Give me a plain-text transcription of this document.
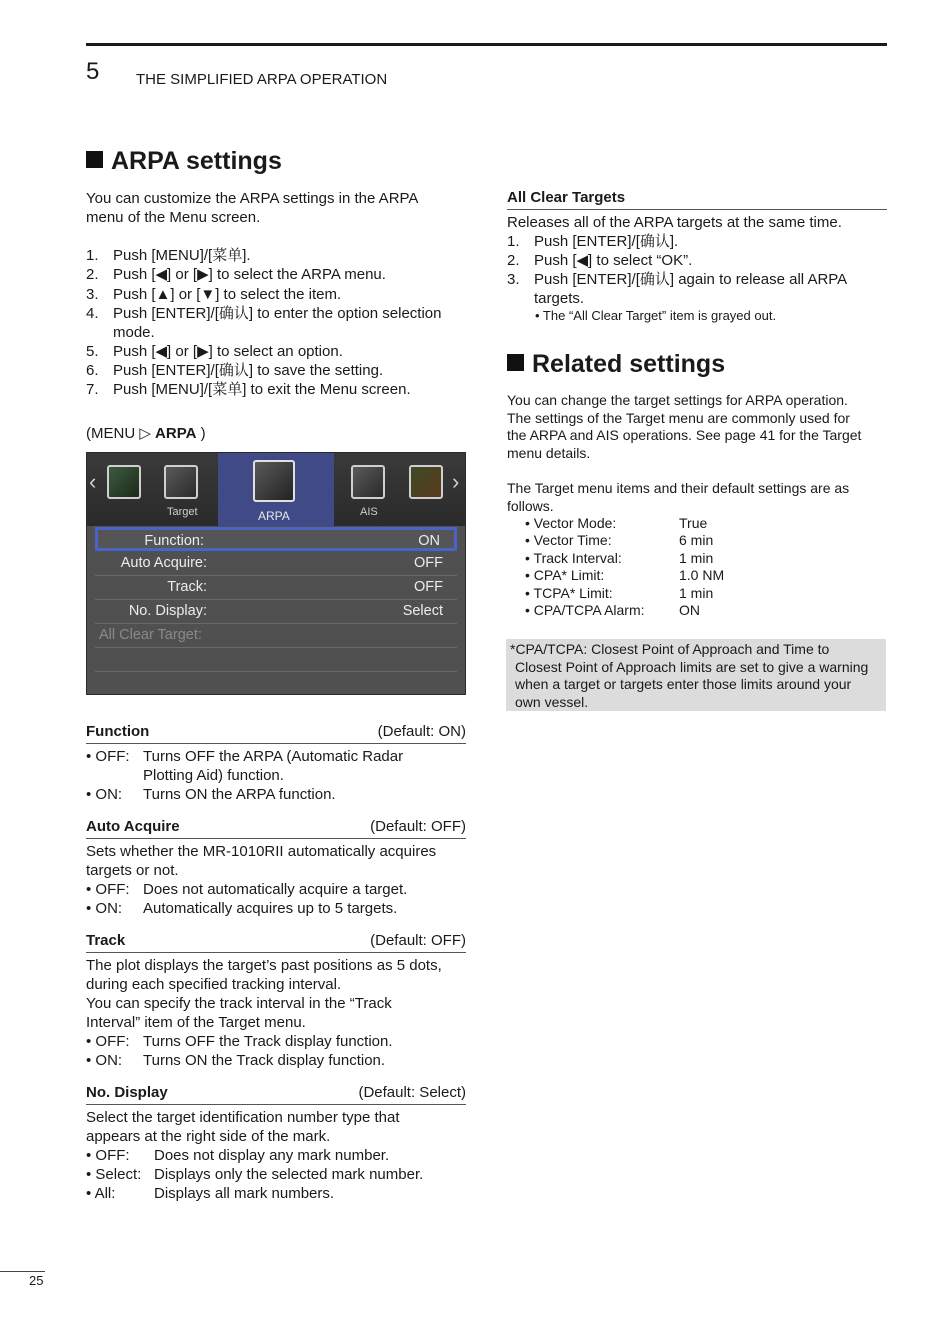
5 THE SIMPLIFIED ARPA OPERATION
ARPA settings
You can customize the ARPA settings in the ARPA
menu of the Menu screen.
1. Push [MENU]/[菜单].
2. Push [◀] or [▶] to select the ARPA menu.
3. Push [▲] or [▼] to select the item.
4. Push [ENTER]/[确认] to enter the option selection
mode.
5. Push [◀] or [▶] to select an option.
6. Push [ENTER]/[确认] to save the setting.
7. Push [MENU]/[菜单] to exit the Menu screen.
(MENU ▷ ARPA )
‹	›
Target	ARPA	AIS
Function:	ON
Auto Acquire:	OFF
Track:	OFF
No. Display:	Select
All Clear Target:
Function	(Default: ON)
• OFF: Turns OFF the ARPA (Automatic Radar
Plotting Aid) function.
• ON: Turns ON the ARPA function.
Auto Acquire	(Default: OFF)
Sets whether the MR-1010RII automatically acquires
targets or not.
• OFF: Does not automatically acquire a target.
• ON: Automatically acquires up to 5 targets.
Track	(Default: OFF)
The plot displays the target’s past positions as 5 dots,
during each specified tracking interval.
You can specify the track interval in the “Track
Interval” item of the Target menu.
• OFF: Turns OFF the Track display function.
• ON: Turns ON the Track display function.
No. Display	(Default: Select)
Select the target identification number type that
appears at the right side of the mark.
• OFF: Does not display any mark number.
• Select: Displays only the selected mark number.
• All:	Displays all mark numbers.
All Clear Targets
Releases all of the ARPA targets at the same time.
1. Push [ENTER]/[确认].
2. Push [◀] to select “OK”.
3. Push [ENTER]/[确认] again to release all ARPA
targets.
• The “All Clear Target” item is grayed out.
Related settings
You can change the target settings for ARPA operation.
The settings of the Target menu are commonly used for
the ARPA and AIS operations. See page 41 for the Target
menu details.
The Target menu items and their default settings are as
follows.
• Vector Mode:	True
• Vector Time:	6 min
• Track Interval:	1 min
• CPA* Limit:	1.0 NM
• TCPA* Limit:	1 min
• CPA/TCPA Alarm: ON
*CPA/TCPA: Closest Point of Approach and Time to
Closest Point of Approach limits are set to give a warning
when a target or targets enter those limits around your
own vessel.
25
